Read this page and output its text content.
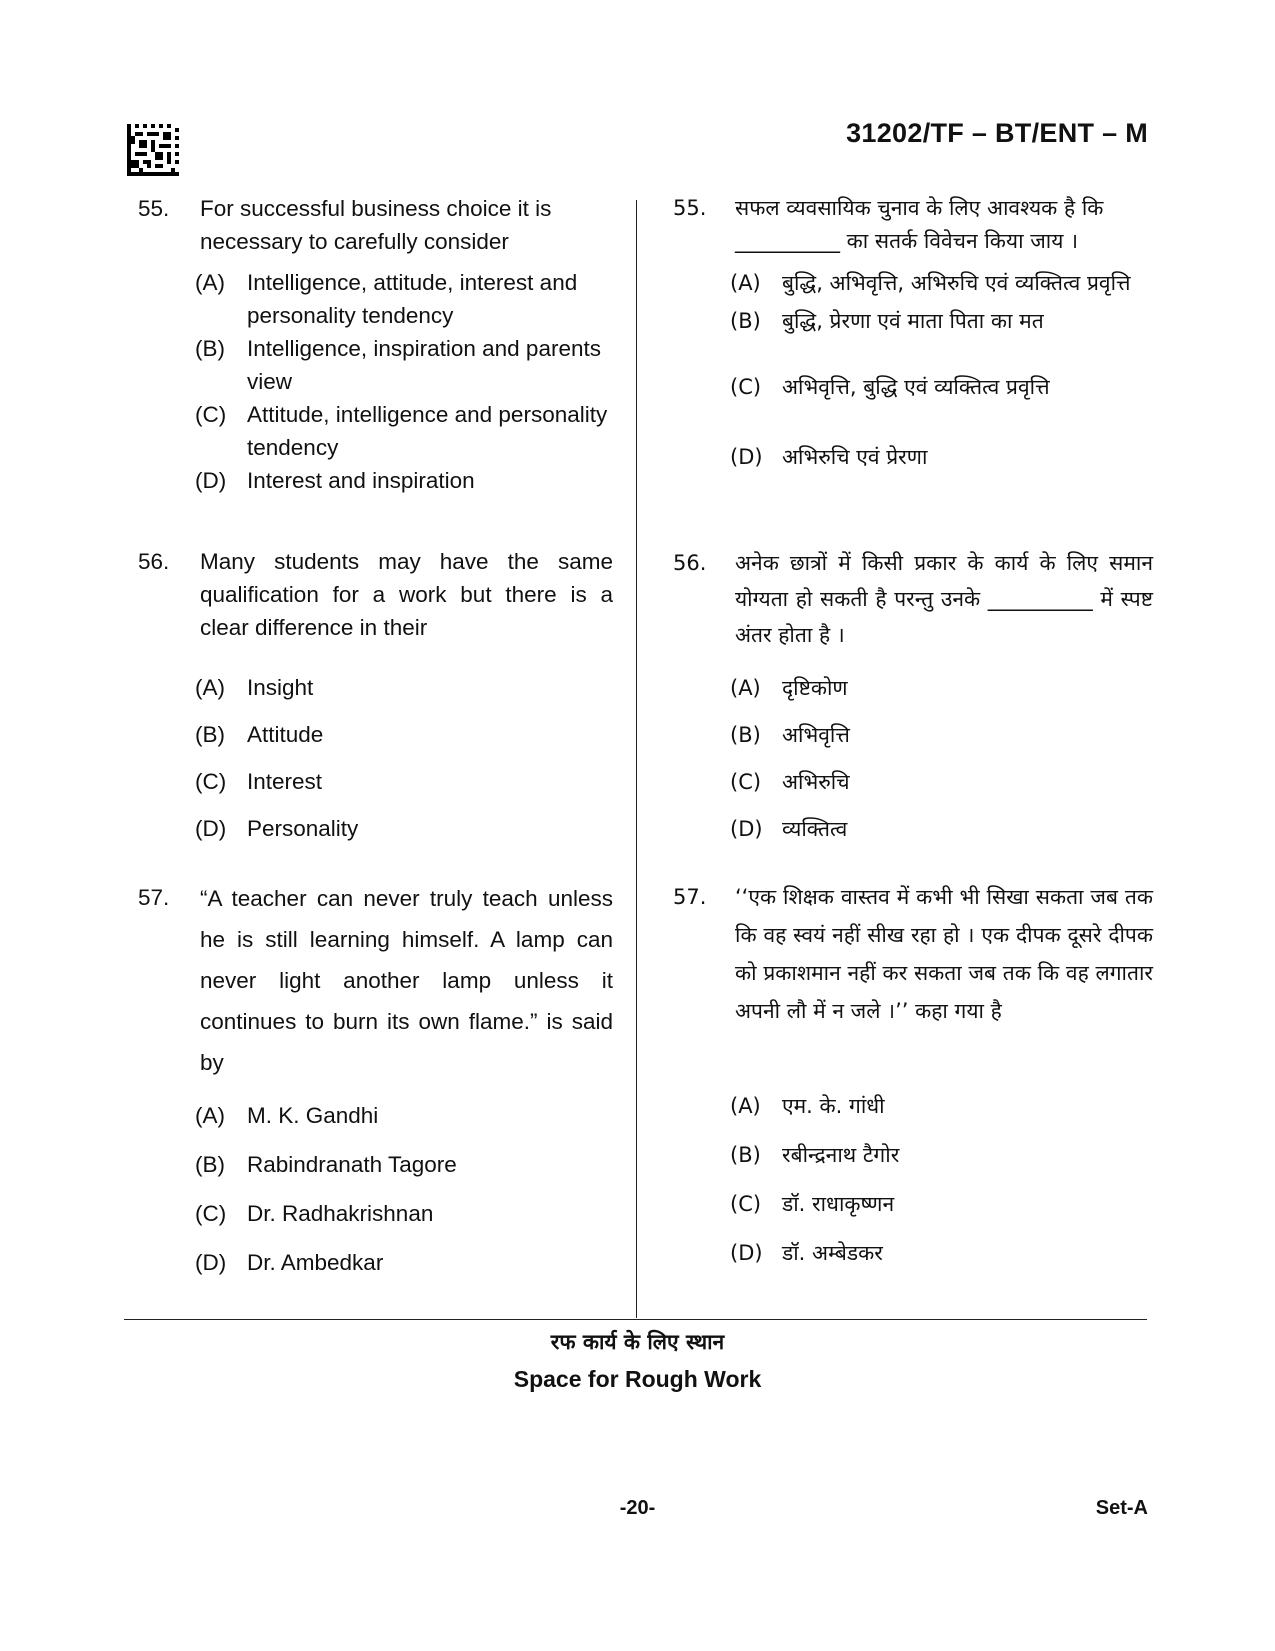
31202/TF – BT/ENT – M
55. For successful business choice it is necessary to carefully consider
(A) Intelligence, attitude, interest and personality tendency
(B) Intelligence, inspiration and parents view
(C) Attitude, intelligence and personality tendency
(D) Interest and inspiration
56. Many students may have the same qualification for a work but there is a clear difference in their
(A) Insight
(B) Attitude
(C) Interest
(D) Personality
57. “A teacher can never truly teach unless he is still learning himself. A lamp can never light another lamp unless it continues to burn its own flame.” is said by
(A) M. K. Gandhi
(B) Rabindranath Tagore
(C) Dr. Radhakrishnan
(D) Dr. Ambedkar
55. सफल व्यवसायिक चुनाव के लिए आवश्यक है कि __________ का सतर्क विवेचन किया जाय ।
(A)	बुद्धि, अभिवृत्ति, अभिरुचि एवं व्यक्तित्व प्रवृत्ति
(B)	बुद्धि, प्रेरणा एवं माता पिता का मत
(C) अभिवृत्ति, बुद्धि एवं व्यक्तित्व प्रवृत्ति
(D) अभिरुचि एवं प्रेरणा
56. अनेक छात्रों में किसी प्रकार के कार्य के लिए समान योग्यता हो सकती है परन्तु उनके __________ में स्पष्ट अंतर होता है ।
(A)	दृष्टिकोण
(B)	अभिवृत्ति
(C) अभिरुचि
(D) व्यक्तित्व
57. ‘‘एक शिक्षक वास्तव में कभी भी सिखा सकता जब तक कि वह स्वयं नहीं सीख रहा हो । एक दीपक दूसरे दीपक को प्रकाशमान नहीं कर सकता जब तक कि वह लगातार अपनी लौ में न जले ।’’ कहा गया है
(A)	एम. के. गांधी
(B)	रबीन्द्रनाथ टैगोर
(C) डॉ. राधाकृष्णन
(D) डॉ. अम्बेडकर
रफ कार्य के लिए स्थान
Space for Rough Work
-20-	Set-A
